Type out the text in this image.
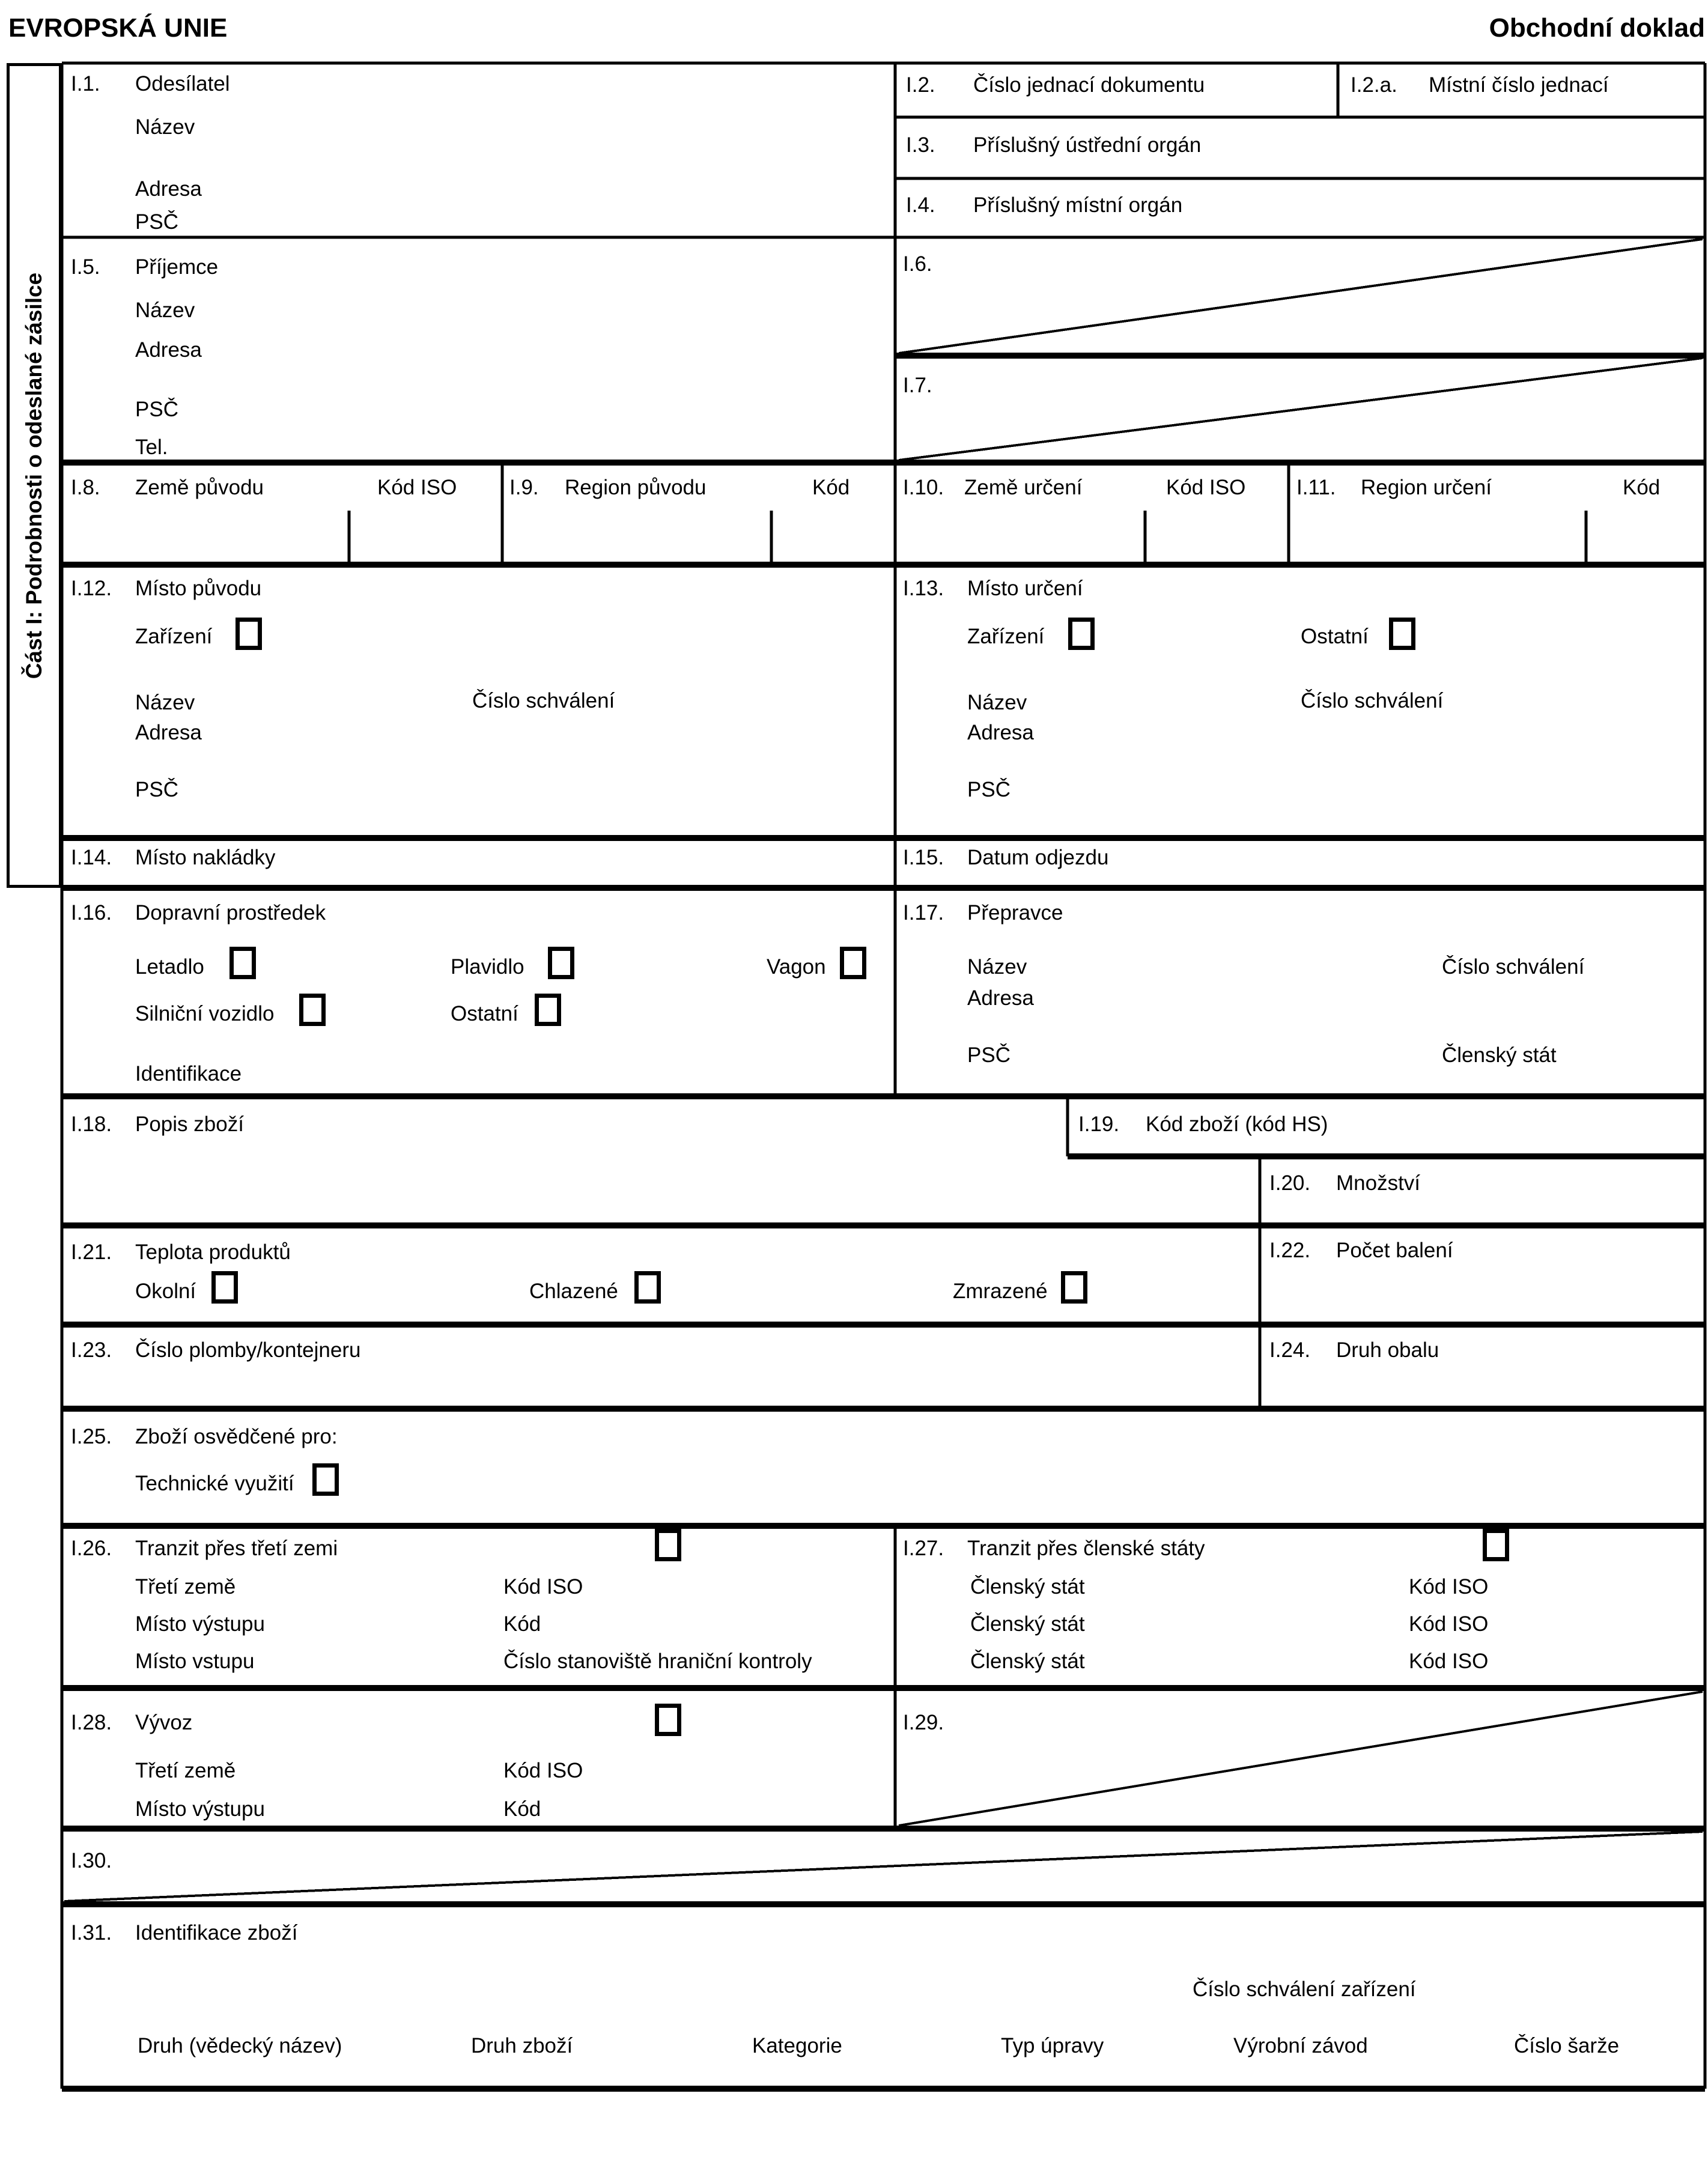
EVROPSKÁ UNIE	Obchodní doklad
Část I: Podrobnosti o odeslané zásilce
I.1. Odesílatel
Název
Adresa
PSČ
I.2. Číslo jednací dokumentu	I.2.a. Místní číslo jednací
I.3. Příslušný ústřední orgán
I.4. Příslušný místní orgán
I.5. Příjemce
Název
Adresa
PSČ
Tel.
I.6.
I.7.
I.8. Země původu	Kód ISO	I.9. Region původu	Kód	I.10. Země určení	Kód ISO I.11. Region určení	Kód
I.12. Místo původu
Zařízení
Název	Číslo schválení
Adresa
PSČ
I.13. Místo určení
Zařízení	Ostatní
Název	Číslo schválení
Adresa
PSČ
I.14. Místo nakládky	I.15. Datum odjezdu
I.16. Dopravní prostředek
Letadlo	Plavidlo	Vagon
Silniční vozidlo	Ostatní
Identifikace
I.17. Přepravce
Název	Číslo schválení
Adresa
PSČ	Členský stát
I.18. Popis zboží	I.19. Kód zboží (kód HS)
I.20. Množství
I.21. Teplota produktů
Okolní	Chlazené	Zmrazené
I.22. Počet balení
I.23. Číslo plomby/kontejneru	I.24. Druh obalu
I.25. Zboží osvědčené pro:
Technické využití
I.26. Tranzit přes třetí zemi
Třetí země	Kód ISO
Místo výstupu	Kód
Místo vstupu	Číslo stanoviště hraniční kontroly
I.27. Tranzit přes členské státy
Členský stát	Kód ISO
Členský stát	Kód ISO
Členský stát	Kód ISO
I.28. Vývoz
Třetí země	Kód ISO
Místo výstupu	Kód
I.29.
I.30.
I.31. Identifikace zboží
Číslo schválení zařízení
Druh (vědecký název)	Druh zboží	Kategorie	Typ úpravy	Výrobní závod	Číslo šarže
